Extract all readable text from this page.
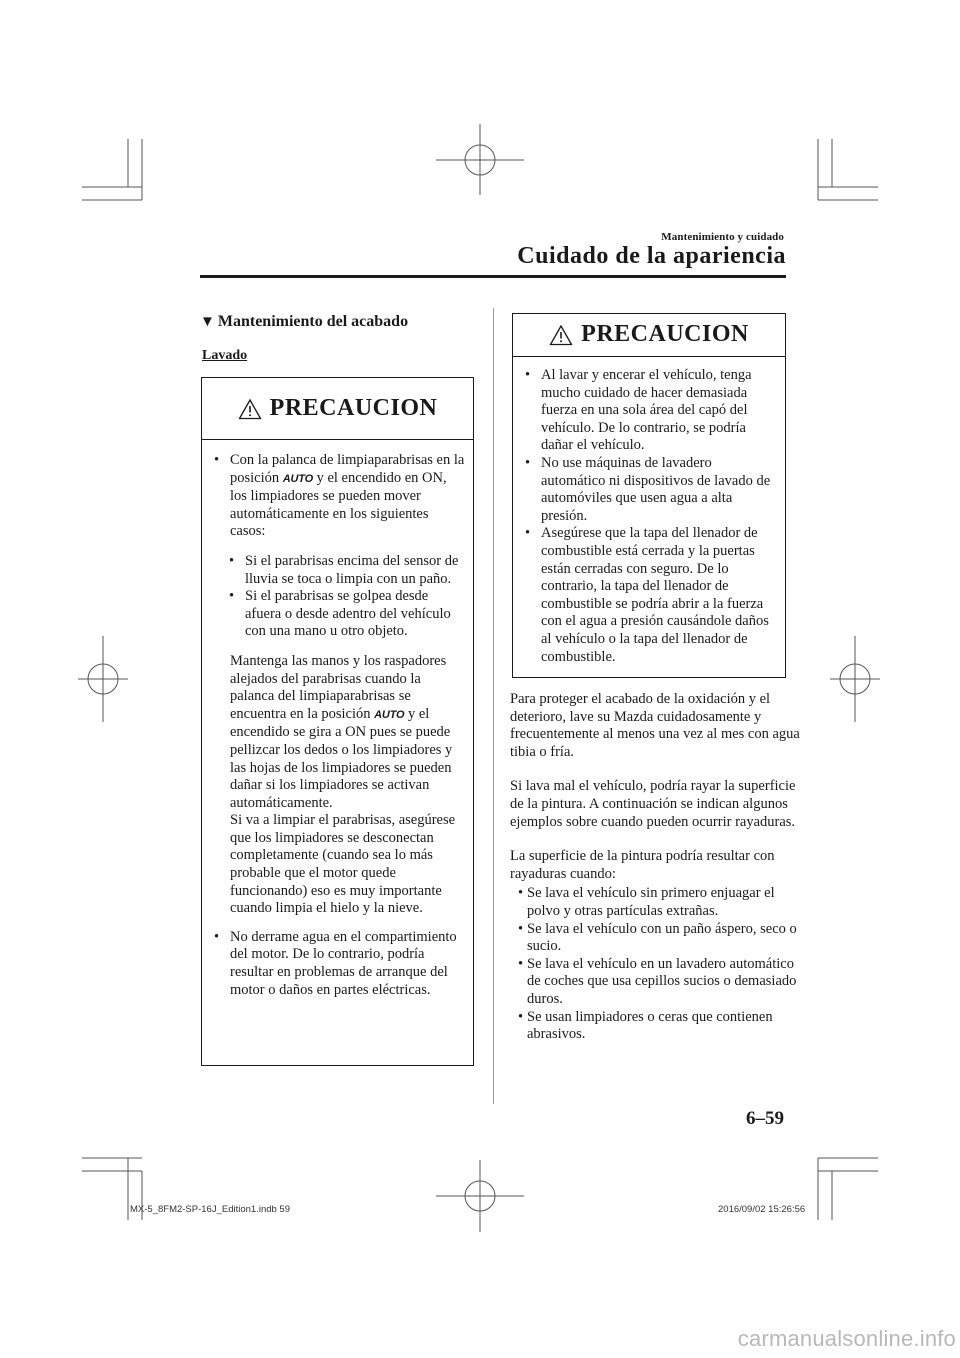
Mantenimiento y cuidado
Cuidado de la apariencia
▼ Mantenimiento del acabado
Lavado
PRECAUCION
• Con la palanca de limpiaparabrisas en la posición AUTO y el encendido en ON, los limpiadores se pueden mover automáticamente en los siguientes casos:
• Si el parabrisas encima del sensor de lluvia se toca o limpia con un paño.
• Si el parabrisas se golpea desde afuera o desde adentro del vehículo con una mano u otro objeto.
Mantenga las manos y los raspadores alejados del parabrisas cuando la palanca del limpiaparabrisas se encuentra en la posición AUTO y el encendido se gira a ON pues se puede pellizcar los dedos o los limpiadores y las hojas de los limpiadores se pueden dañar si los limpiadores se activan automáticamente.
Si va a limpiar el parabrisas, asegúrese que los limpiadores se desconectan completamente (cuando sea lo más probable que el motor quede funcionando) eso es muy importante cuando limpia el hielo y la nieve.
• No derrame agua en el compartimiento del motor. De lo contrario, podría resultar en problemas de arranque del motor o daños en partes eléctricas.
PRECAUCION
• Al lavar y encerar el vehículo, tenga mucho cuidado de hacer demasiada fuerza en una sola área del capó del vehículo. De lo contrario, se podría dañar el vehículo.
• No use máquinas de lavadero automático ni dispositivos de lavado de automóviles que usen agua a alta presión.
• Asegúrese que la tapa del llenador de combustible está cerrada y la puertas están cerradas con seguro. De lo contrario, la tapa del llenador de combustible se podría abrir a la fuerza con el agua a presión causándole daños al vehículo o la tapa del llenador de combustible.

Para proteger el acabado de la oxidación y el deterioro, lave su Mazda cuidadosamente y frecuentemente al menos una vez al mes con agua tibia o fría.

Si lava mal el vehículo, podría rayar la superficie de la pintura. A continuación se indican algunos ejemplos sobre cuando pueden ocurrir rayaduras.

La superficie de la pintura podría resultar con rayaduras cuando:

• Se lava el vehículo sin primero enjuagar el polvo y otras partículas extrañas.
• Se lava el vehículo con un paño áspero, seco o sucio.
• Se lava el vehículo en un lavadero automático de coches que usa cepillos sucios o demasiado duros.
• Se usan limpiadores o ceras que contienen abrasivos.
6–59
MX-5_8FM2-SP-16J_Edition1.indb 59	2016/09/02 15:26:56
carmanualsonline.info
